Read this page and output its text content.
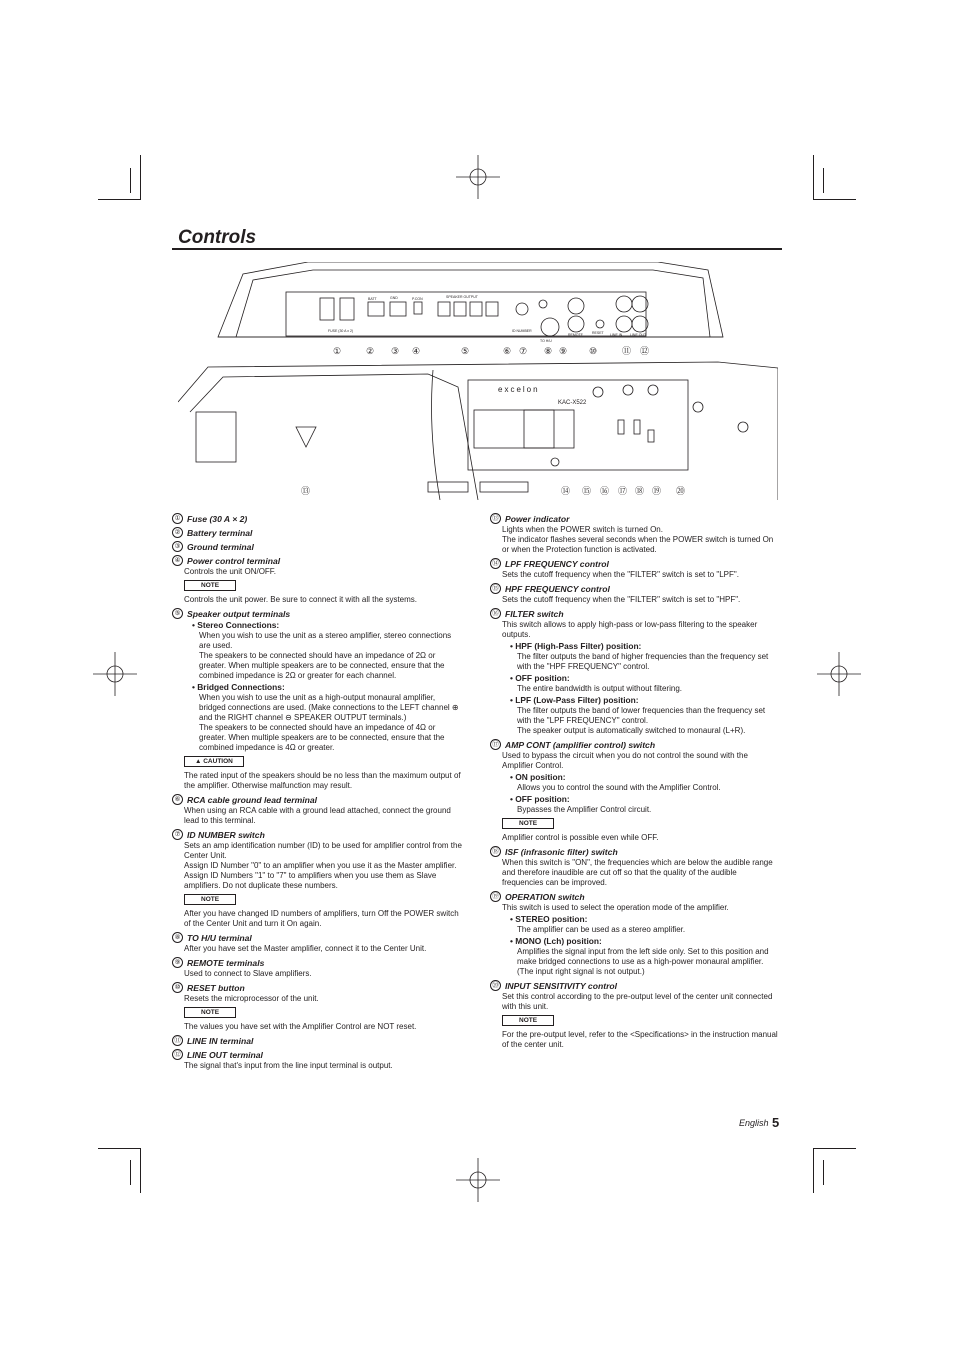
Controls
FUSE (30 A x 2)
BATT	GND	P.CON	SPEAKER OUTPUT
ID NUMBER
TO H/U
REMOTE	RESET LINE IN LINE OUT
①	② ③ ④	⑤	⑥ ⑦ ⑧ ⑨ ⑩	⑪ ⑫
excelon
KAC-X522
⑬	⑭ ⑮ ⑯ ⑰ ⑱ ⑲ ⑳
① Fuse (30 A × 2)
② Battery terminal
③ Ground terminal
④ Power control terminal

Controls the unit ON/OFF.

NOTE

Controls the unit power. Be sure to connect it with all the systems.

⑤ Speaker output terminals
• Stereo Connections:

When you wish to use the unit as a stereo amplifier, stereo connections are used.

The speakers to be connected should have an impedance of 2Ω or greater. When multiple speakers are to be connected, ensure that the combined impedance is 2Ω or greater for each channel.

• Bridged Connections:

When you wish to use the unit as a high-output monaural amplifier, bridged connections are used. (Make connections to the LEFT channel ⊕ and the RIGHT channel ⊖ SPEAKER OUTPUT terminals.)

The speakers to be connected should have an impedance of 4Ω or greater. When multiple speakers are to be connected, ensure that the combined impedance is 4Ω or greater.

▲ CAUTION

The rated input of the speakers should be no less than the maximum output of the amplifier. Otherwise malfunction may result.

⑥ RCA cable ground lead terminal

When using an RCA cable with a ground lead attached, connect the ground lead to this terminal.

⑦ ID NUMBER switch

Sets an amp identification number (ID) to be used for amplifier control from the Center Unit.

Assign ID Number "0" to an amplifier when you use it as the Master amplifier. Assign ID Numbers "1" to "7" to amplifiers when you use them as Slave amplifiers. Do not duplicate these numbers.

NOTE

After you have changed ID numbers of amplifiers, turn Off the POWER switch of the Center Unit and turn it On again.

⑧ TO H/U terminal

After you have set the Master amplifier, connect it to the Center Unit.

⑨ REMOTE terminals

Used to connect to Slave amplifiers.

⑩ RESET button

Resets the microprocessor of the unit.

NOTE

The values you have set with the Amplifier Control are NOT reset.

⑪ LINE IN terminal
⑫ LINE OUT terminal

The signal that's input from the line input terminal is output.

⑬ Power indicator

Lights when the POWER switch is turned On.

The indicator flashes several seconds when the POWER switch is turned On or when the Protection function is activated.

⑭ LPF FREQUENCY control

Sets the cutoff frequency when the "FILTER" switch is set to "LPF".

⑮ HPF FREQUENCY control

Sets the cutoff frequency when the "FILTER" switch is set to "HPF".

⑯ FILTER switch

This switch allows to apply high-pass or low-pass filtering to the speaker outputs.

• HPF (High-Pass Filter) position:

The filter outputs the band of higher frequencies than the frequency set with the "HPF FREQUENCY" control.

• OFF position:

The entire bandwidth is output without filtering.

• LPF (Low-Pass Filter) position:

The filter outputs the band of lower frequencies than the frequency set with the "LPF FREQUENCY" control.

The speaker output is automatically switched to monaural (L+R).

⑰ AMP CONT (amplifier control) switch

Used to bypass the circuit when you do not control the sound with the Amplifier Control.

• ON position:

Allows you to control the sound with the Amplifier Control.

• OFF position:

Bypasses the Amplifier Control circuit.

NOTE

Amplifier control is possible even while OFF.

⑱ ISF (infrasonic filter) switch

When this switch is "ON", the frequencies which are below the audible range and therefore inaudible are cut off so that the quality of the audible frequencies can be improved.

⑲ OPERATION switch

This switch is used to select the operation mode of the amplifier.

• STEREO position:

The amplifier can be used as a stereo amplifier.

• MONO (Lch) position:

Amplifies the signal input from the left side only. Set to this position and make bridged connections to use as a high-power monaural amplifier. (The input right signal is not output.)

⑳ INPUT SENSITIVITY control

Set this control according to the pre-output level of the center unit connected with this unit.

NOTE

For the pre-output level, refer to the <Specifications> in the instruction manual of the center unit.

English 5
